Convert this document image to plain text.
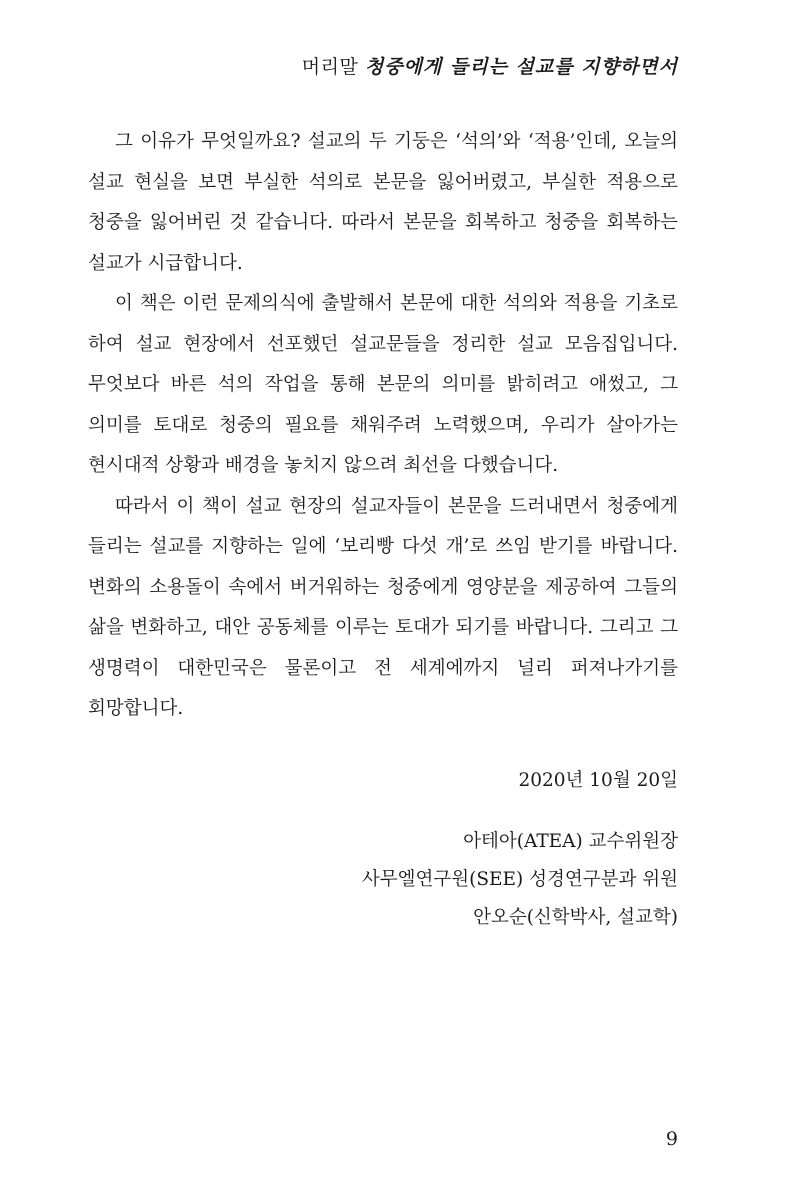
머리말 청중에게 들리는 설교를 지향하면서

그 이유가 무엇일까요? 설교의 두 기둥은 ‘석의’와 ‘적용’인데, 오늘의 설교 현실을 보면 부실한 석의로 본문을 잃어버렸고, 부실한 적용으로 청중을 잃어버린 것 같습니다. 따라서 본문을 회복하고 청중을 회복하는 설교가 시급합니다.

이 책은 이런 문제의식에 출발해서 본문에 대한 석의와 적용을 기초로 하여 설교 현장에서 선포했던 설교문들을 정리한 설교 모음집입니다. 무엇보다 바른 석의 작업을 통해 본문의 의미를 밝히려고 애썼고, 그 의미를 토대로 청중의 필요를 채워주려 노력했으며, 우리가 살아가는 현시대적 상황과 배경을 놓치지 않으려 최선을 다했습니다.

따라서 이 책이 설교 현장의 설교자들이 본문을 드러내면서 청중에게 들리는 설교를 지향하는 일에 ‘보리빵 다섯 개’로 쓰임 받기를 바랍니다. 변화의 소용돌이 속에서 버거워하는 청중에게 영양분을 제공하여 그들의 삶을 변화하고, 대안 공동체를 이루는 토대가 되기를 바랍니다. 그리고 그 생명력이 대한민국은 물론이고 전 세계에까지 널리 퍼져나가기를 회망합니다.

2020년 10월 20일
아테아(ATEA) 교수위원장
사무엘연구원(SEE) 성경연구분과 위원
안오순(신학박사, 설교학)
9
